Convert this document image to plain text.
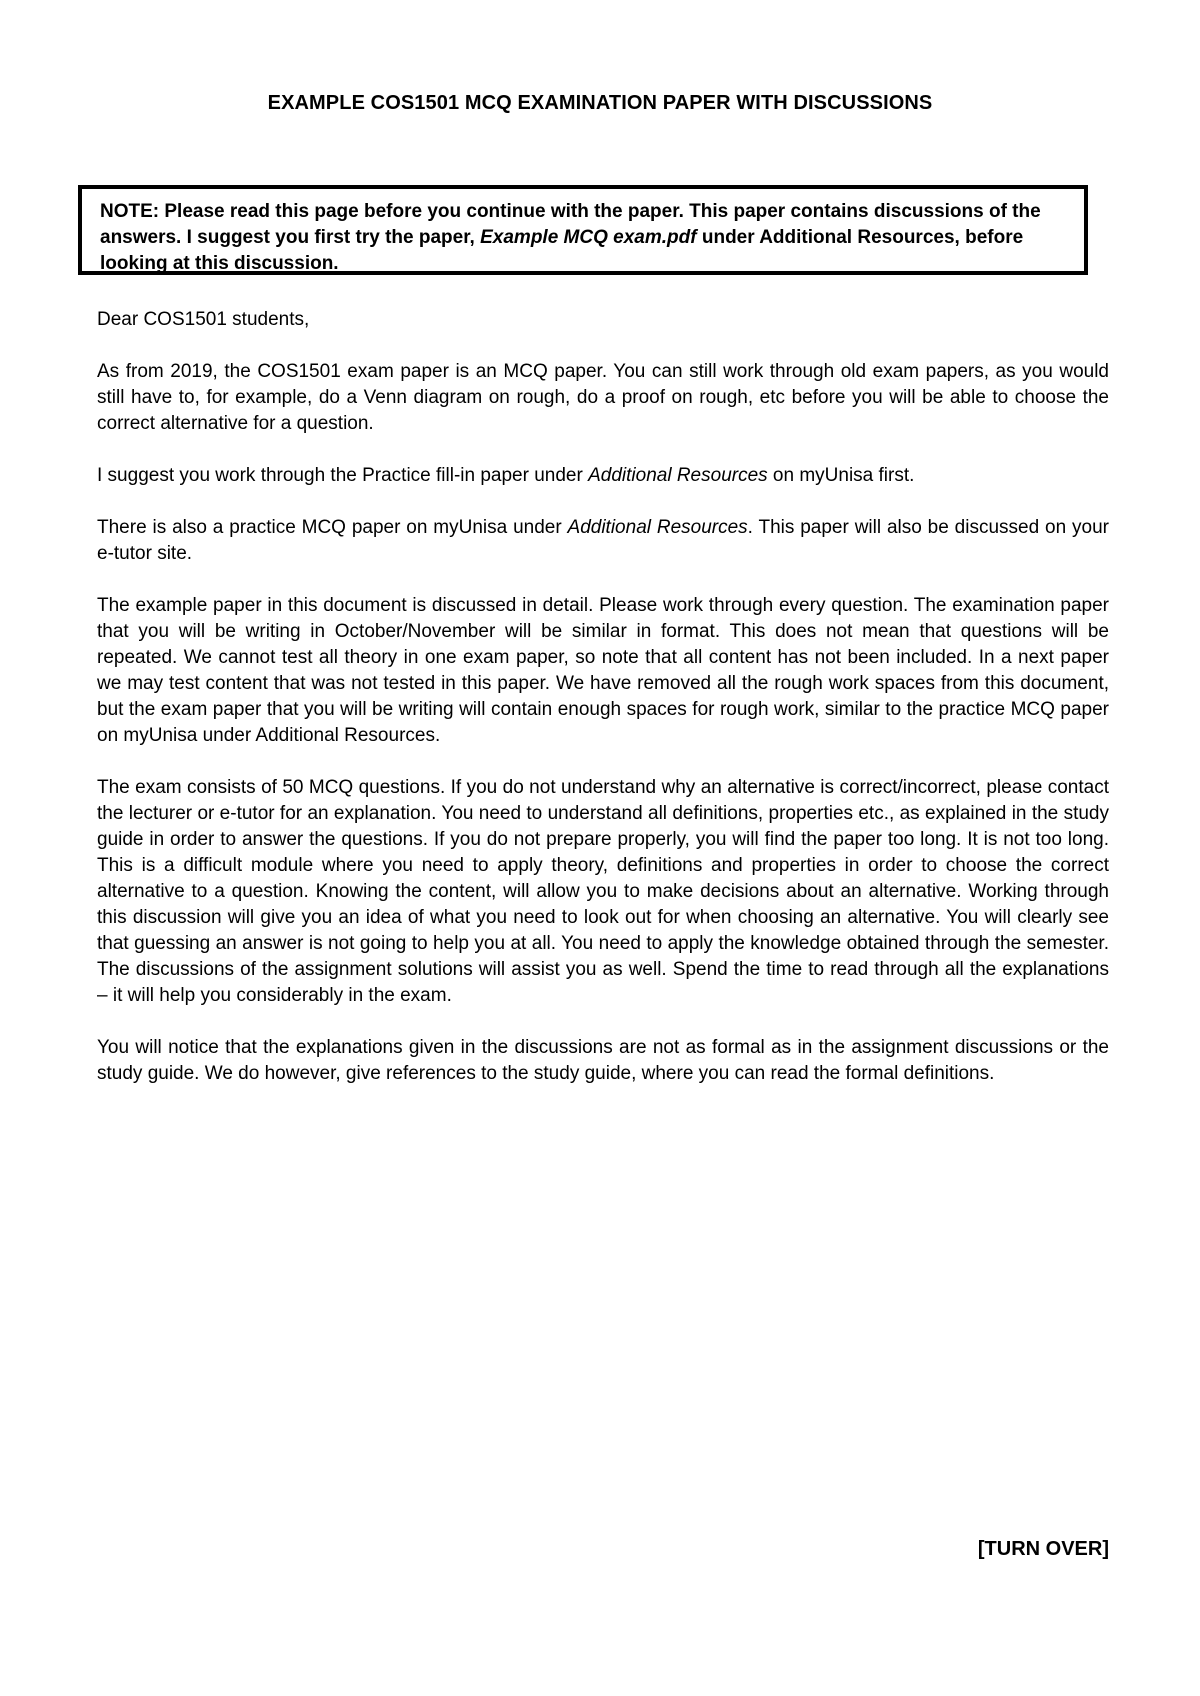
EXAMPLE COS1501 MCQ EXAMINATION PAPER WITH DISCUSSIONS
NOTE: Please read this page before you continue with the paper. This paper contains discussions of the answers. I suggest you first try the paper, Example MCQ exam.pdf under Additional Resources, before looking at this discussion.

Dear COS1501 students,

As from 2019, the COS1501 exam paper is an MCQ paper. You can still work through old exam papers, as you would still have to, for example, do a Venn diagram on rough, do a proof on rough, etc before you will be able to choose the correct alternative for a question.

I suggest you work through the Practice fill-in paper under Additional Resources on myUnisa first.

There is also a practice MCQ paper on myUnisa under Additional Resources. This paper will also be discussed on your e-tutor site.

The example paper in this document is discussed in detail. Please work through every question. The examination paper that you will be writing in October/November will be similar in format. This does not mean that questions will be repeated. We cannot test all theory in one exam paper, so note that all content has not been included. In a next paper we may test content that was not tested in this paper. We have removed all the rough work spaces from this document, but the exam paper that you will be writing will contain enough spaces for rough work, similar to the practice MCQ paper on myUnisa under Additional Resources.

The exam consists of 50 MCQ questions. If you do not understand why an alternative is correct/incorrect, please contact the lecturer or e-tutor for an explanation. You need to understand all definitions, properties etc., as explained in the study guide in order to answer the questions. If you do not prepare properly, you will find the paper too long. It is not too long. This is a difficult module where you need to apply theory, definitions and properties in order to choose the correct alternative to a question. Knowing the content, will allow you to make decisions about an alternative. Working through this discussion will give you an idea of what you need to look out for when choosing an alternative. You will clearly see that guessing an answer is not going to help you at all. You need to apply the knowledge obtained through the semester. The discussions of the assignment solutions will assist you as well. Spend the time to read through all the explanations – it will help you considerably in the exam.

You will notice that the explanations given in the discussions are not as formal as in the assignment discussions or the study guide. We do however, give references to the study guide, where you can read the formal definitions.

[TURN OVER]
